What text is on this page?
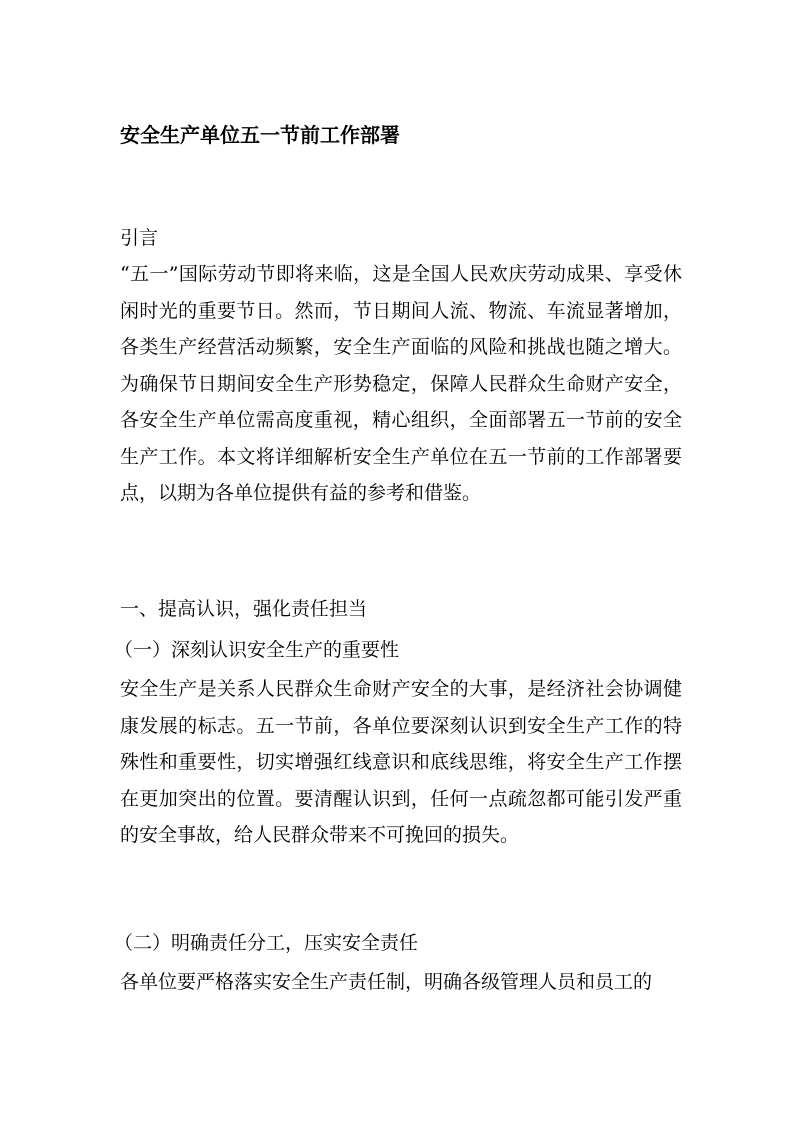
安全生产单位五一节前工作部署
引言

“五一”国际劳动节即将来临，这是全国人民欢庆劳动成果、享受休闲时光的重要节日。然而，节日期间人流、物流、车流显著增加，各类生产经营活动频繁，安全生产面临的风险和挑战也随之增大。为确保节日期间安全生产形势稳定，保障人民群众生命财产安全，各安全生产单位需高度重视，精心组织，全面部署五一节前的安全生产工作。本文将详细解析安全生产单位在五一节前的工作部署要点，以期为各单位提供有益的参考和借鉴。

一、提高认识，强化责任担当
（一）深刻认识安全生产的重要性

安全生产是关系人民群众生命财产安全的大事，是经济社会协调健康发展的标志。五一节前，各单位要深刻认识到安全生产工作的特殊性和重要性，切实增强红线意识和底线思维，将安全生产工作摆在更加突出的位置。要清醒认识到，任何一点疏忽都可能引发严重的安全事故，给人民群众带来不可挽回的损失。

（二）明确责任分工，压实安全责任

各单位要严格落实安全生产责任制，明确各级管理人员和员工的
